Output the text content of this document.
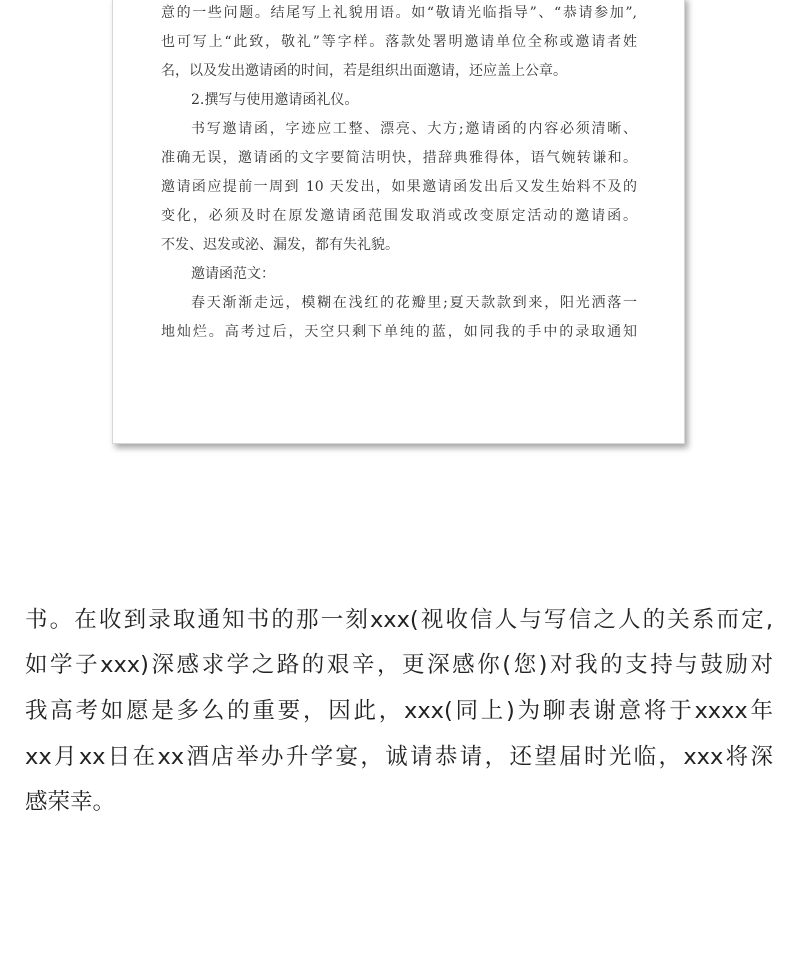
意的一些问题。结尾写上礼貌用语。如“敬请光临指导”、“恭请参加”,
也可写上“此致，敬礼”等字样。落款处署明邀请单位全称或邀请者姓
名，以及发出邀请函的时间，若是组织出面邀请，还应盖上公章。
2.撰写与使用邀请函礼仪。
书写邀请函，字迹应工整、漂亮、大方;邀请函的内容必须清晰、
准确无误，邀请函的文字要简洁明快，措辞典雅得体，语气婉转谦和。
邀请函应提前一周到 10 天发出，如果邀请函发出后又发生始料不及的
变化，必须及时在原发邀请函范围发取消或改变原定活动的邀请函。
不发、迟发或泌、漏发，都有失礼貌。
邀请函范文：
春天渐渐走远，模糊在浅红的花瓣里;夏天款款到来，阳光洒落一
地灿烂。高考过后，天空只剩下单纯的蓝，如同我的手中的录取通知
书。在收到录取通知书的那一刻xxx(视收信人与写信之人的关系而定,
如学子xxx)深感求学之路的艰辛，更深感你(您)对我的支持与鼓励对
我高考如愿是多么的重要，因此，xxx(同上)为聊表谢意将于xxxx年
xx月xx日在xx酒店举办升学宴，诚请恭请，还望届时光临，xxx将深
感荣幸。
